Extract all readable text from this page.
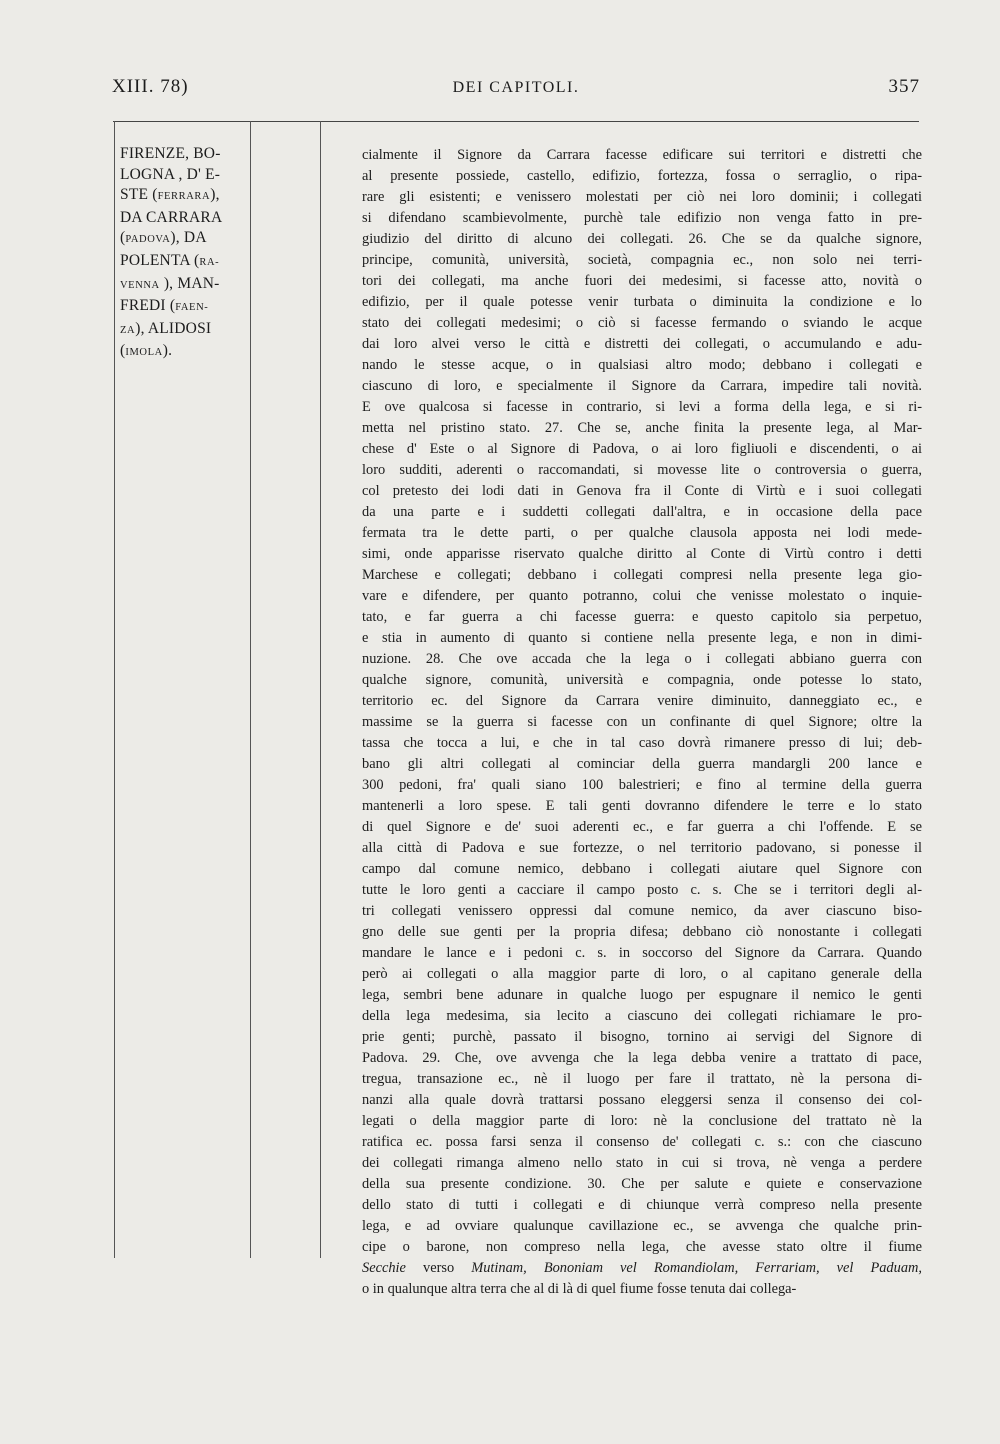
XIII. 78)	DEI CAPITOLI.	357
FIRENZE, BO-
LOGNA , D' E-
STE (FERRARA),
DA CARRARA
(PADOVA), DA
POLENTA (RA-
VENNA ), MAN-
FREDI (FAEN-
ZA), ALIDOSI
(IMOLA).
cialmente il Signore da Carrara facesse edificare sui territori e distretti che
al presente possiede, castello, edifizio, fortezza, fossa o serraglio, o ripa-
rare gli esistenti; e venissero molestati per ciò nei loro dominii; i collegati
si difendano scambievolmente, purchè tale edifizio non venga fatto in pre-
giudizio del diritto di alcuno dei collegati. 26. Che se da qualche signore,
principe, comunità, università, società, compagnia ec., non solo nei terri-
tori dei collegati, ma anche fuori dei medesimi, si facesse atto, novità o
edifizio, per il quale potesse venir turbata o diminuita la condizione e lo
stato dei collegati medesimi; o ciò si facesse fermando o sviando le acque
dai loro alvei verso le città e distretti dei collegati, o accumulando e adu-
nando le stesse acque, o in qualsiasi altro modo; debbano i collegati e
ciascuno di loro, e specialmente il Signore da Carrara, impedire tali novità.
E ove qualcosa si facesse in contrario, si levi a forma della lega, e si ri-
metta nel pristino stato. 27. Che se, anche finita la presente lega, al Mar-
chese d' Este o al Signore di Padova, o ai loro figliuoli e discendenti, o ai
loro sudditi, aderenti o raccomandati, si movesse lite o controversia o guerra,
col pretesto dei lodi dati in Genova fra il Conte di Virtù e i suoi collegati
da una parte e i suddetti collegati dall'altra, e in occasione della pace
fermata tra le dette parti, o per qualche clausola apposta nei lodi mede-
simi, onde apparisse riservato qualche diritto al Conte di Virtù contro i detti
Marchese e collegati; debbano i collegati compresi nella presente lega gio-
vare e difendere, per quanto potranno, colui che venisse molestato o inquie-
tato, e far guerra a chi facesse guerra: e questo capitolo sia perpetuo,
e stia in aumento di quanto si contiene nella presente lega, e non in dimi-
nuzione. 28. Che ove accada che la lega o i collegati abbiano guerra con
qualche signore, comunità, università e compagnia, onde potesse lo stato,
territorio ec. del Signore da Carrara venire diminuito, danneggiato ec., e
massime se la guerra si facesse con un confinante di quel Signore; oltre la
tassa che tocca a lui, e che in tal caso dovrà rimanere presso di lui; deb-
bano gli altri collegati al cominciar della guerra mandargli 200 lance e
300 pedoni, fra' quali siano 100 balestrieri; e fino al termine della guerra
mantenerli a loro spese. E tali genti dovranno difendere le terre e lo stato
di quel Signore e de' suoi aderenti ec., e far guerra a chi l'offende. E se
alla città di Padova e sue fortezze, o nel territorio padovano, si ponesse il
campo dal comune nemico, debbano i collegati aiutare quel Signore con
tutte le loro genti a cacciare il campo posto c. s. Che se i territori degli al-
tri collegati venissero oppressi dal comune nemico, da aver ciascuno biso-
gno delle sue genti per la propria difesa; debbano ciò nonostante i collegati
mandare le lance e i pedoni c. s. in soccorso del Signore da Carrara. Quando
però ai collegati o alla maggior parte di loro, o al capitano generale della
lega, sembri bene adunare in qualche luogo per espugnare il nemico le genti
della lega medesima, sia lecito a ciascuno dei collegati richiamare le pro-
prie genti; purchè, passato il bisogno, tornino ai servigi del Signore di
Padova. 29. Che, ove avvenga che la lega debba venire a trattato di pace,
tregua, transazione ec., nè il luogo per fare il trattato, nè la persona di-
nanzi alla quale dovrà trattarsi possano eleggersi senza il consenso dei col-
legati o della maggior parte di loro: nè la conclusione del trattato nè la
ratifica ec. possa farsi senza il consenso de' collegati c. s.: con che ciascuno
dei collegati rimanga almeno nello stato in cui si trova, nè venga a perdere
della sua presente condizione. 30. Che per salute e quiete e conservazione
dello stato di tutti i collegati e di chiunque verrà compreso nella presente
lega, e ad ovviare qualunque cavillazione ec., se avvenga che qualche prin-
cipe o barone, non compreso nella lega, che avesse stato oltre il fiume
Secchie verso Mutinam, Bononiam vel Romandiolam, Ferrariam, vel Paduam,
o in qualunque altra terra che al di là di quel fiume fosse tenuta dai collega-
